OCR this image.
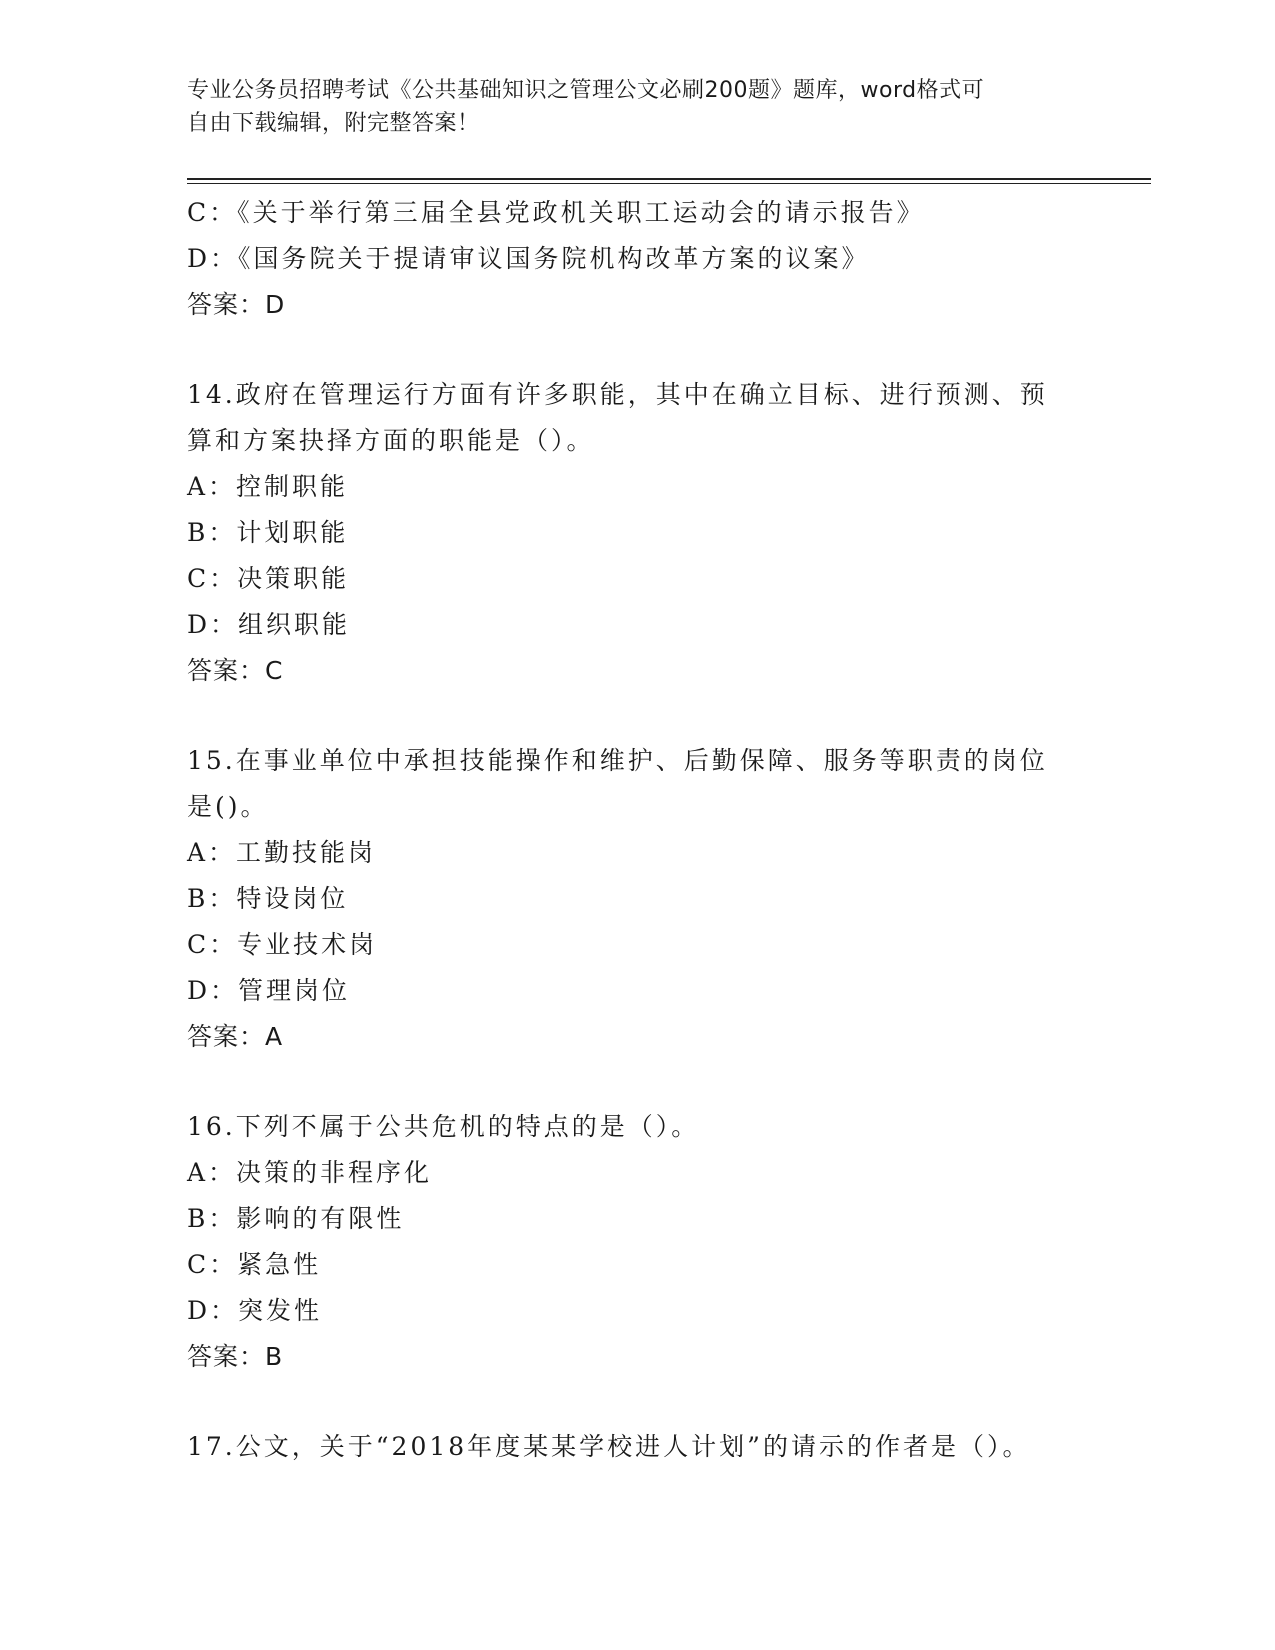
专业公务员招聘考试《公共基础知识之管理公文必刷200题》题库，word格式可
自由下载编辑，附完整答案！
C：《关于举行第三届全县党政机关职工运动会的请示报告》
D：《国务院关于提请审议国务院机构改革方案的议案》
答案：D
14.政府在管理运行方面有许多职能，其中在确立目标、进行预测、预
算和方案抉择方面的职能是（）。
A：控制职能
B：计划职能
C：决策职能
D：组织职能
答案：C
15.在事业单位中承担技能操作和维护、后勤保障、服务等职责的岗位
是()。
A：工勤技能岗
B：特设岗位
C：专业技术岗
D：管理岗位
答案：A
16.下列不属于公共危机的特点的是（）。
A：决策的非程序化
B：影响的有限性
C：紧急性
D：突发性
答案：B
17.公文，关于“2018年度某某学校进人计划”的请示的作者是（）。
